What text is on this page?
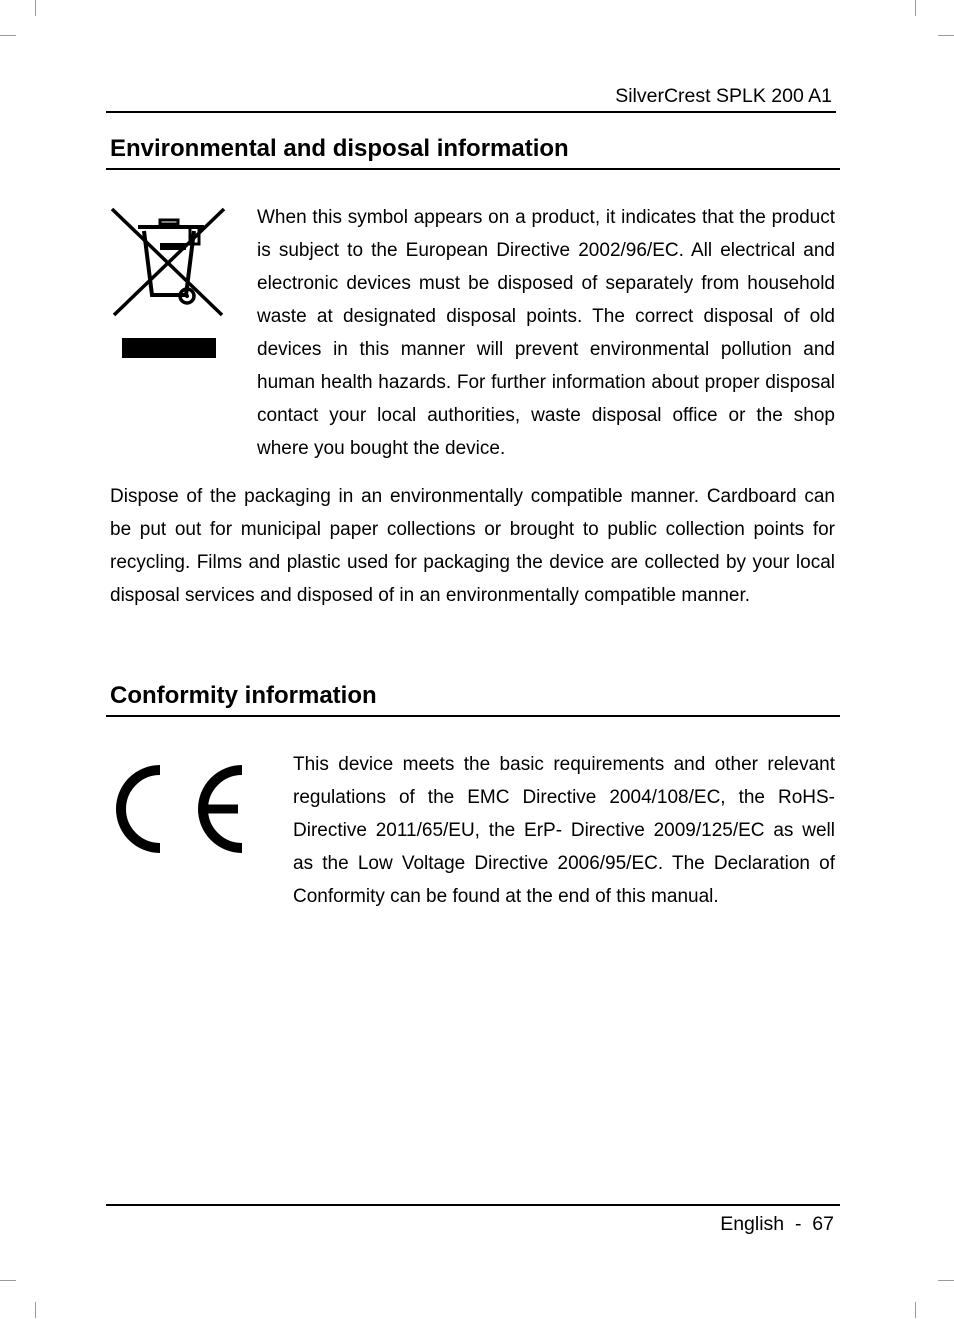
SilverCrest SPLK 200 A1
Environmental and disposal information

When this symbol appears on a product, it indicates that the product is subject to the European Directive 2002/96/EC. All electrical and electronic devices must be disposed of separately from household waste at designated disposal points. The correct disposal of old devices in this manner will prevent environmental pollution and human health hazards. For further information about proper disposal contact your local authorities, waste disposal office or the shop where you bought the device.

Dispose of the packaging in an environmentally compatible manner. Cardboard can be put out for municipal paper collections or brought to public collection points for recycling. Films and plastic used for packaging the device are collected by your local disposal services and disposed of in an environmentally compatible manner.

Conformity information

This device meets the basic requirements and other relevant regulations of the EMC Directive 2004/108/EC, the RoHS-Directive 2011/65/EU, the ErP- Directive 2009/125/EC as well as the Low Voltage Directive 2006/95/EC. The Declaration of Conformity can be found at the end of this manual.

English  -  67
